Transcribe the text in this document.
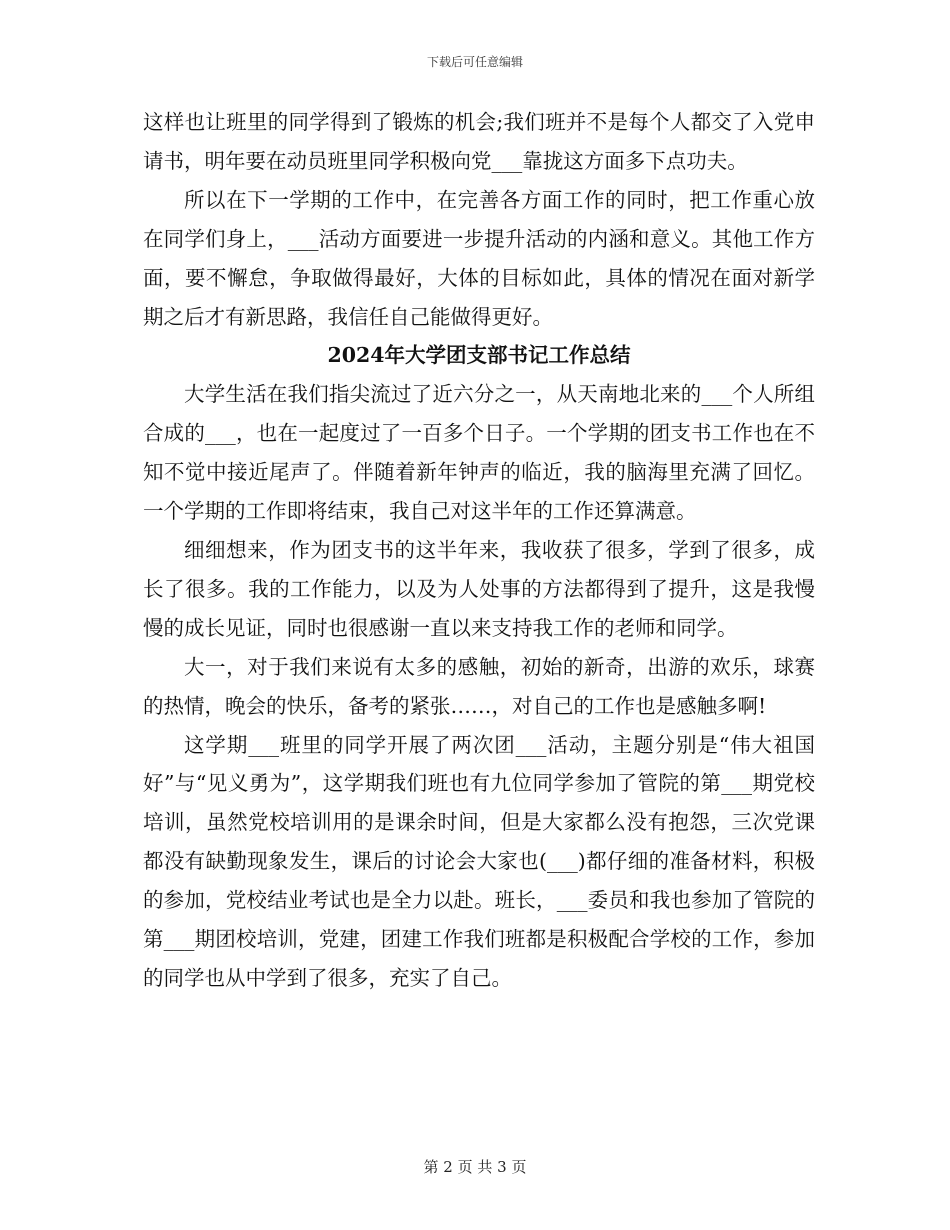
下载后可任意编辑

这样也让班里的同学得到了锻炼的机会;我们班并不是每个人都交了入党申请书，明年要在动员班里同学积极向党___靠拢这方面多下点功夫。

所以在下一学期的工作中，在完善各方面工作的同时，把工作重心放在同学们身上，___活动方面要进一步提升活动的内涵和意义。其他工作方面，要不懈怠，争取做得最好，大体的目标如此，具体的情况在面对新学期之后才有新思路，我信任自己能做得更好。

2024年大学团支部书记工作总结

大学生活在我们指尖流过了近六分之一，从天南地北来的___个人所组合成的___，也在一起度过了一百多个日子。一个学期的团支书工作也在不知不觉中接近尾声了。伴随着新年钟声的临近，我的脑海里充满了回忆。一个学期的工作即将结束，我自己对这半年的工作还算满意。

细细想来，作为团支书的这半年来，我收获了很多，学到了很多，成长了很多。我的工作能力，以及为人处事的方法都得到了提升，这是我慢慢的成长见证，同时也很感谢一直以来支持我工作的老师和同学。

大一，对于我们来说有太多的感触，初始的新奇，出游的欢乐，球赛的热情，晚会的快乐，备考的紧张……，对自己的工作也是感触多啊!

这学期___班里的同学开展了两次团___活动，主题分别是“伟大祖国好”与“见义勇为”，这学期我们班也有九位同学参加了管院的第___期党校培训，虽然党校培训用的是课余时间，但是大家都么没有抱怨，三次党课都没有缺勤现象发生，课后的讨论会大家也(___)都仔细的准备材料，积极的参加，党校结业考试也是全力以赴。班长，___委员和我也参加了管院的第___期团校培训，党建，团建工作我们班都是积极配合学校的工作，参加的同学也从中学到了很多，充实了自己。

第 2 页 共 3 页
